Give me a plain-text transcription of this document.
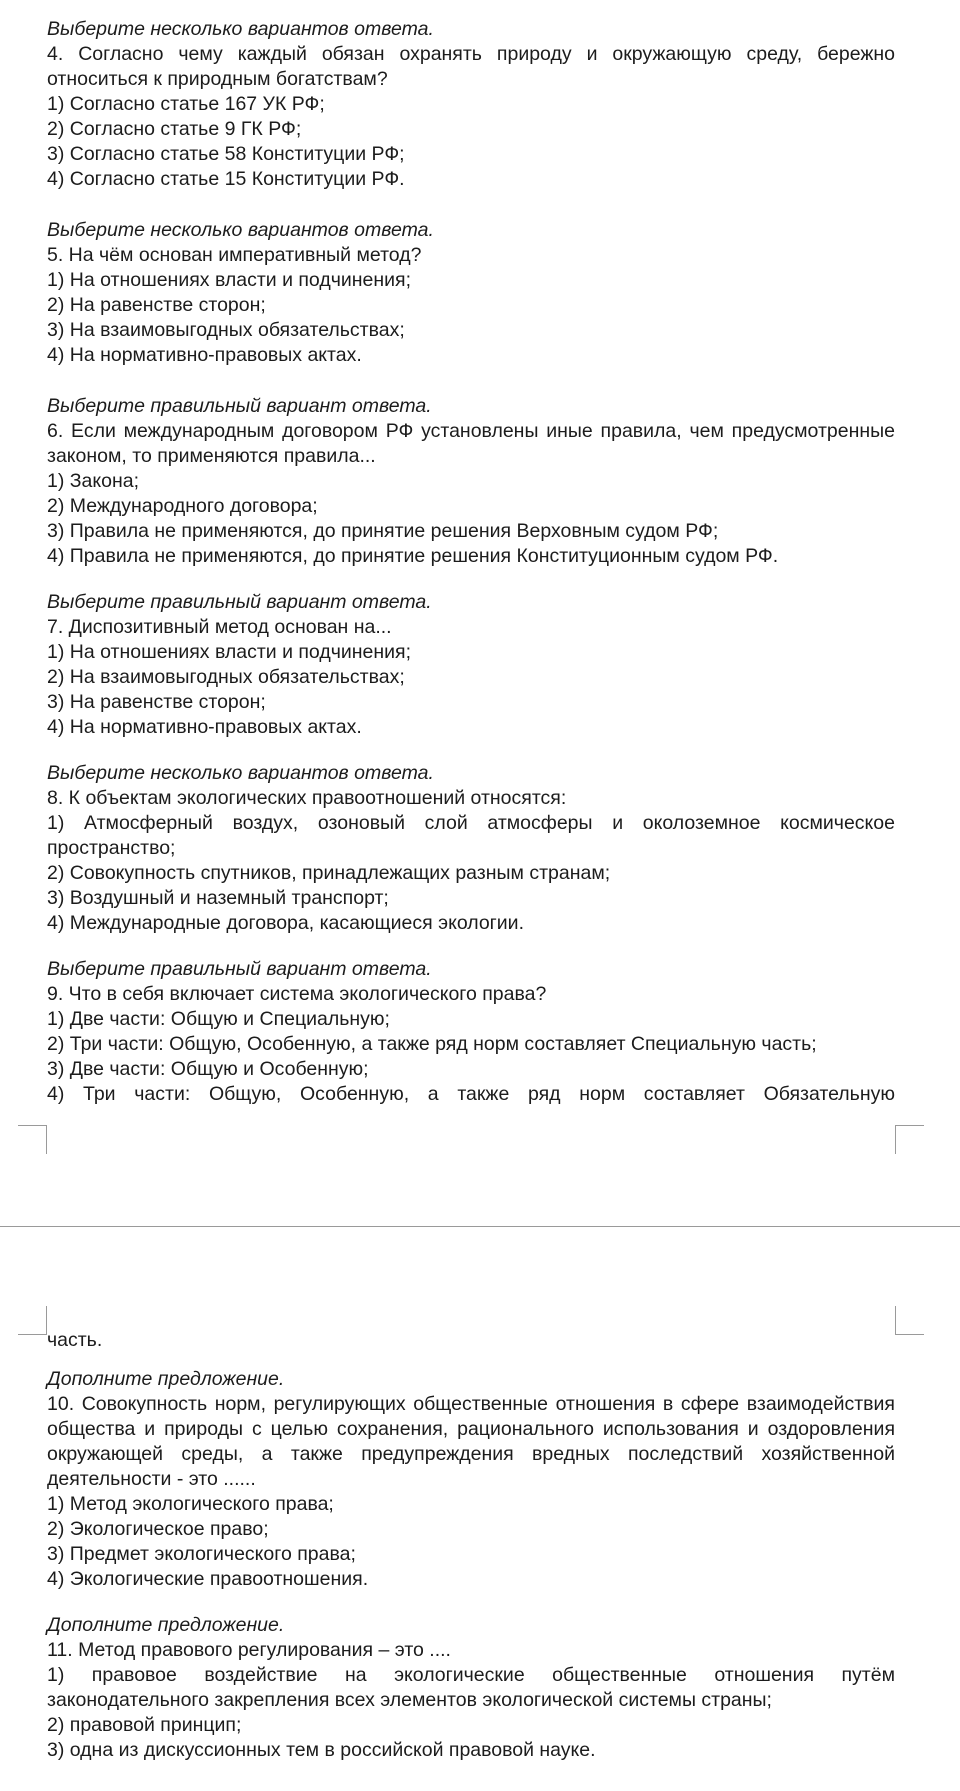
Выберите несколько вариантов ответа.
4. Согласно чему каждый обязан охранять природу и окружающую среду, бережно относиться к природным богатствам?
1) Согласно статье 167 УК РФ;
2) Согласно статье 9 ГК РФ;
3) Согласно статье 58 Конституции РФ;
4) Согласно статье 15 Конституции РФ.
Выберите несколько вариантов ответа.
5. На чём основан императивный метод?
1) На отношениях власти и подчинения;
2) На равенстве сторон;
3) На взаимовыгодных обязательствах;
4) На нормативно-правовых актах.
Выберите правильный вариант ответа.
6. Если международным договором РФ установлены иные правила, чем предусмотренные законом, то применяются правила...
1) Закона;
2) Международного договора;
3) Правила не применяются, до принятие решения Верховным судом РФ;
4) Правила не применяются, до принятие решения Конституционным судом РФ.
Выберите правильный вариант ответа.
7. Диспозитивный метод основан на...
1) На отношениях власти и подчинения;
2) На взаимовыгодных обязательствах;
3) На равенстве сторон;
4) На нормативно-правовых актах.
Выберите несколько вариантов ответа.
8. К объектам экологических правоотношений относятся:
1) Атмосферный воздух, озоновый слой атмосферы и околоземное космическое пространство;
2) Совокупность спутников, принадлежащих разным странам;
3) Воздушный и наземный транспорт;
4) Международные договора, касающиеся экологии.
Выберите правильный вариант ответа.
9. Что в себя включает система экологического права?
1) Две части: Общую и Специальную;
2) Три части: Общую, Особенную, а также ряд норм составляет Специальную часть;
3) Две части: Общую и Особенную;
4) Три части: Общую, Особенную, а также ряд норм составляет Обязательную
часть.
Дополните предложение.
10. Совокупность норм, регулирующих общественные отношения в сфере взаимодействия общества и природы с целью сохранения, рационального использования и оздоровления окружающей среды, а также предупреждения вредных последствий хозяйственной деятельности - это ......
1) Метод экологического права;
2) Экологическое право;
3) Предмет экологического права;
4) Экологические правоотношения.
Дополните предложение.
11. Метод правового регулирования – это ....
1) правовое воздействие на экологические общественные отношения путём законодательного закрепления всех элементов экологической системы страны;
2) правовой принцип;
3) одна из дискуссионных тем в российской правовой науке.
